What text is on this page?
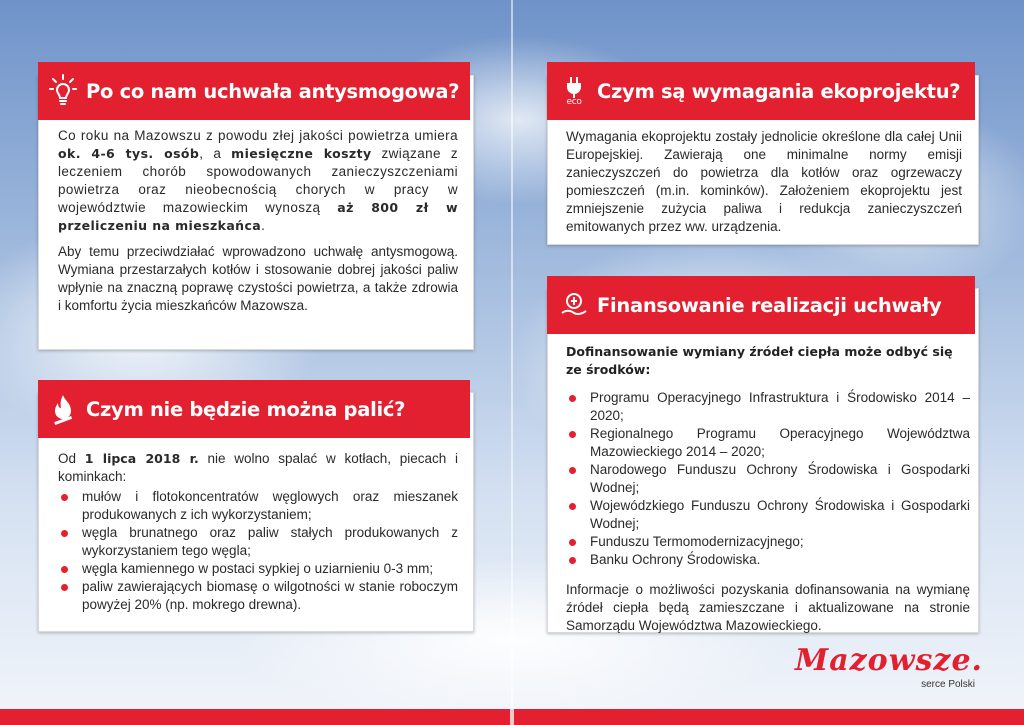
Po co nam uchwała antysmogowa?

Co roku na Mazowszu z powodu złej jakości powietrza umiera ok. 4-6 tys. osób, a miesięczne koszty związane z leczeniem chorób spowodowanych zanieczyszczeniami powietrza oraz nieobecnością chorych w pracy w województwie mazowieckim wynoszą aż 800 zł w przeliczeniu na mieszkańca.

Aby temu przeciwdziałać wprowadzono uchwałę antysmogową. Wymiana przestarzałych kotłów i stosowanie dobrej jakości paliw wpłynie na znaczną poprawę czystości powietrza, a także zdrowia i komfortu życia mieszkańców Mazowsza.

Czym nie będzie można palić?

Od 1 lipca 2018 r. nie wolno spalać w kotłach, piecach i kominkach:

mułów i flotokoncentratów węglowych oraz mieszanek produkowanych z ich wykorzystaniem;
węgla brunatnego oraz paliw stałych produkowanych z wykorzystaniem tego węgla;
węgla kamiennego w postaci sypkiej o uziarnieniu 0-3 mm;
paliw zawierających biomasę o wilgotności w stanie roboczym powyżej 20% (np. mokrego drewna).
eco Czym są wymagania ekoprojektu?

Wymagania ekoprojektu zostały jednolicie określone dla całej Unii Europejskiej. Zawierają one minimalne normy emisji zanieczyszczeń do powietrza dla kotłów oraz ogrzewaczy pomieszczeń (m.in. kominków). Założeniem ekoprojektu jest zmniejszenie zużycia paliwa i redukcja zanieczyszczeń emitowanych przez ww. urządzenia.

Finansowanie realizacji uchwały

Dofinansowanie wymiany źródeł ciepła może odbyć się ze środków:

Programu Operacyjnego Infrastruktura i Środowisko 2014 – 2020;
Regionalnego Programu Operacyjnego Województwa Mazowieckiego 2014 – 2020;
Narodowego Funduszu Ochrony Środowiska i Gospodarki Wodnej;
Wojewódzkiego Funduszu Ochrony Środowiska i Gospodarki Wodnej;
Funduszu Termomodernizacyjnego;
Banku Ochrony Środowiska.

Informacje o możliwości pozyskania dofinansowania na wymianę źródeł ciepła będą zamieszczane i aktualizowane na stronie Samorządu Województwa Mazowieckiego.

Mazowsze.
serce Polski
